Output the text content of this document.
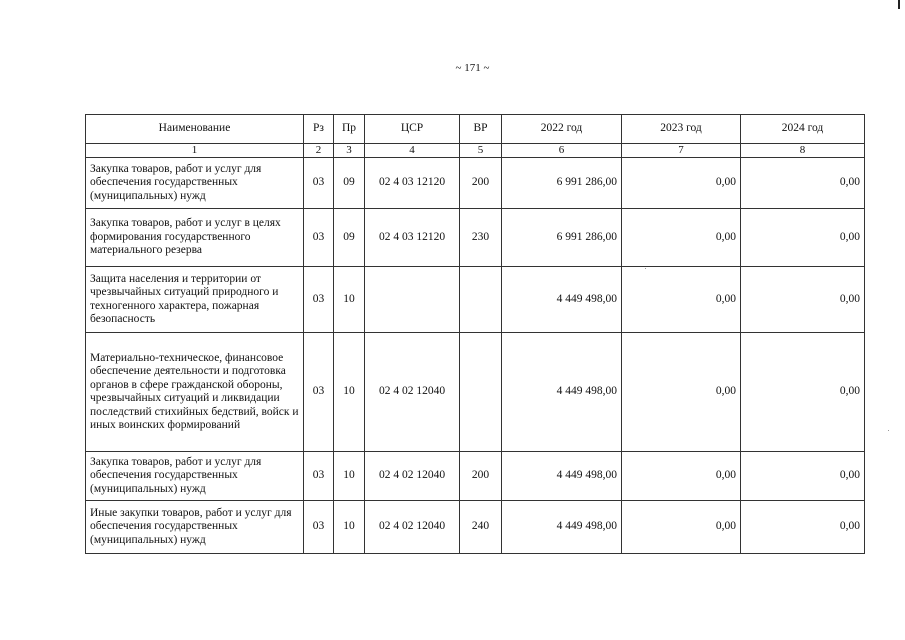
~ 171 ~
Наименование	Рз	Пр	ЦСР	ВР	2022 год	2023 год	2024 год
1	2	3	4	5	6	7	8
Закупка товаров, работ и услуг для обеспечения государственных (муниципальных) нужд	03	09	02 4 03 12120	200	6 991 286,00	0,00	0,00
Закупка товаров, работ и услуг в целях формирования государственного материального резерва	03	09	02 4 03 12120	230	6 991 286,00	0,00	0,00
Защита населения и территории от чрезвычайных ситуаций природного и техногенного характера, пожарная безопасность	03	10			4 449 498,00	0,00	0,00
Материально-техническое, финансовое обеспечение деятельности и подготовка органов в сфере гражданской обороны, чрезвычайных ситуаций и ликвидации последствий стихийных бедствий, войск и иных воинских формирований	03	10	02 4 02 12040		4 449 498,00	0,00	0,00
Закупка товаров, работ и услуг для обеспечения государственных (муниципальных) нужд	03	10	02 4 02 12040	200	4 449 498,00	0,00	0,00
Иные закупки товаров, работ и услуг для обеспечения государственных (муниципальных) нужд	03	10	02 4 02 12040	240	4 449 498,00	0,00	0,00
